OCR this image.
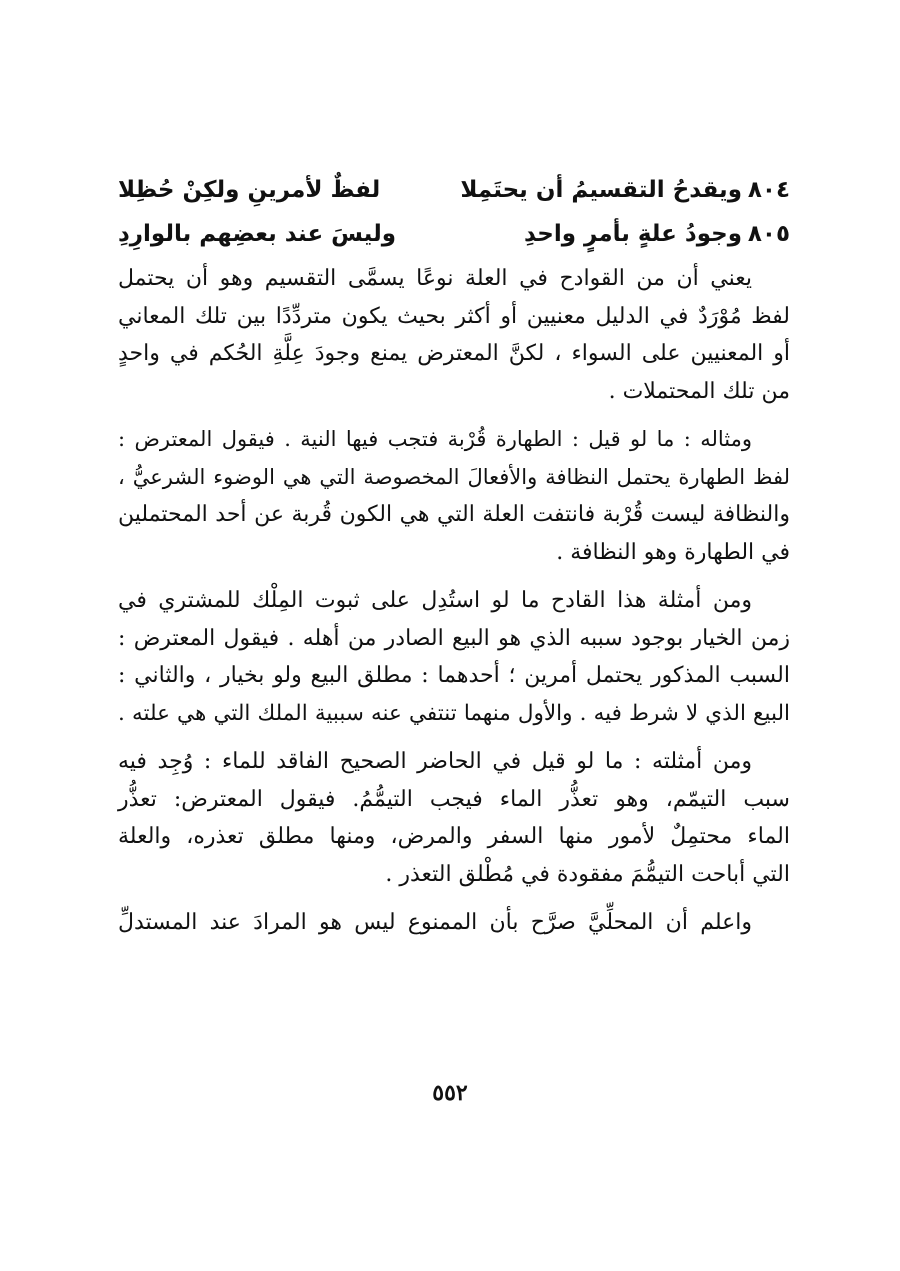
٨٠٤
ويقدحُ التقسيمُ أن يحتَمِلا
لفظٌ لأمرينِ ولكِنْ حُظِلا
٨٠٥
وجودُ علةٍ بأمرٍ واحدِ
وليسَ عند بعضِهم بالوارِدِ
يعني أن من القوادح في العلة نوعًا يسمَّى التقسيم وهو أن يحتمل
لفظ مُوْرَدٌ في الدليل معنيين أو أكثر بحيث يكون متردِّدًا بين تلك المعاني
أو المعنيين على السواء ، لكنَّ المعترض يمنع وجودَ عِلَّةِ الحُكم في واحدٍ
من تلك المحتملات .
ومثاله : ما لو قيل : الطهارة قُرْبة فتجب فيها النية . فيقول المعترض :
لفظ الطهارة يحتمل النظافة والأفعالَ المخصوصة التي هي الوضوء الشرعيُّ ،
والنظافة ليست قُرْبة فانتفت العلة التي هي الكون قُربة عن أحد المحتملين
في الطهارة وهو النظافة .
ومن أمثلة هذا القادح ما لو استُدِل على ثبوت المِلْك للمشتري في
زمن الخيار بوجود سببه الذي هو البيع الصادر من أهله . فيقول المعترض :
السبب المذكور يحتمل أمرين ؛ أحدهما : مطلق البيع ولو بخيار ، والثاني :
البيع الذي لا شرط فيه . والأول منهما تنتفي عنه سببية الملك التي هي علته .
ومن أمثلته : ما لو قيل في الحاضر الصحيح الفاقد للماء : وُجِد فيه
سبب التيمّم، وهو تعذُّر الماء فيجب التيمُّمُ. فيقول المعترض: تعذُّر
الماء محتمِلٌ لأمور منها السفر والمرض، ومنها مطلق تعذره، والعلة
التي أباحت التيمُّمَ مفقودة في مُطْلق التعذر .
واعلم أن المحلِّيَّ صرَّح بأن الممنوع ليس هو المرادَ عند المستدلِّ
٥٥٢
